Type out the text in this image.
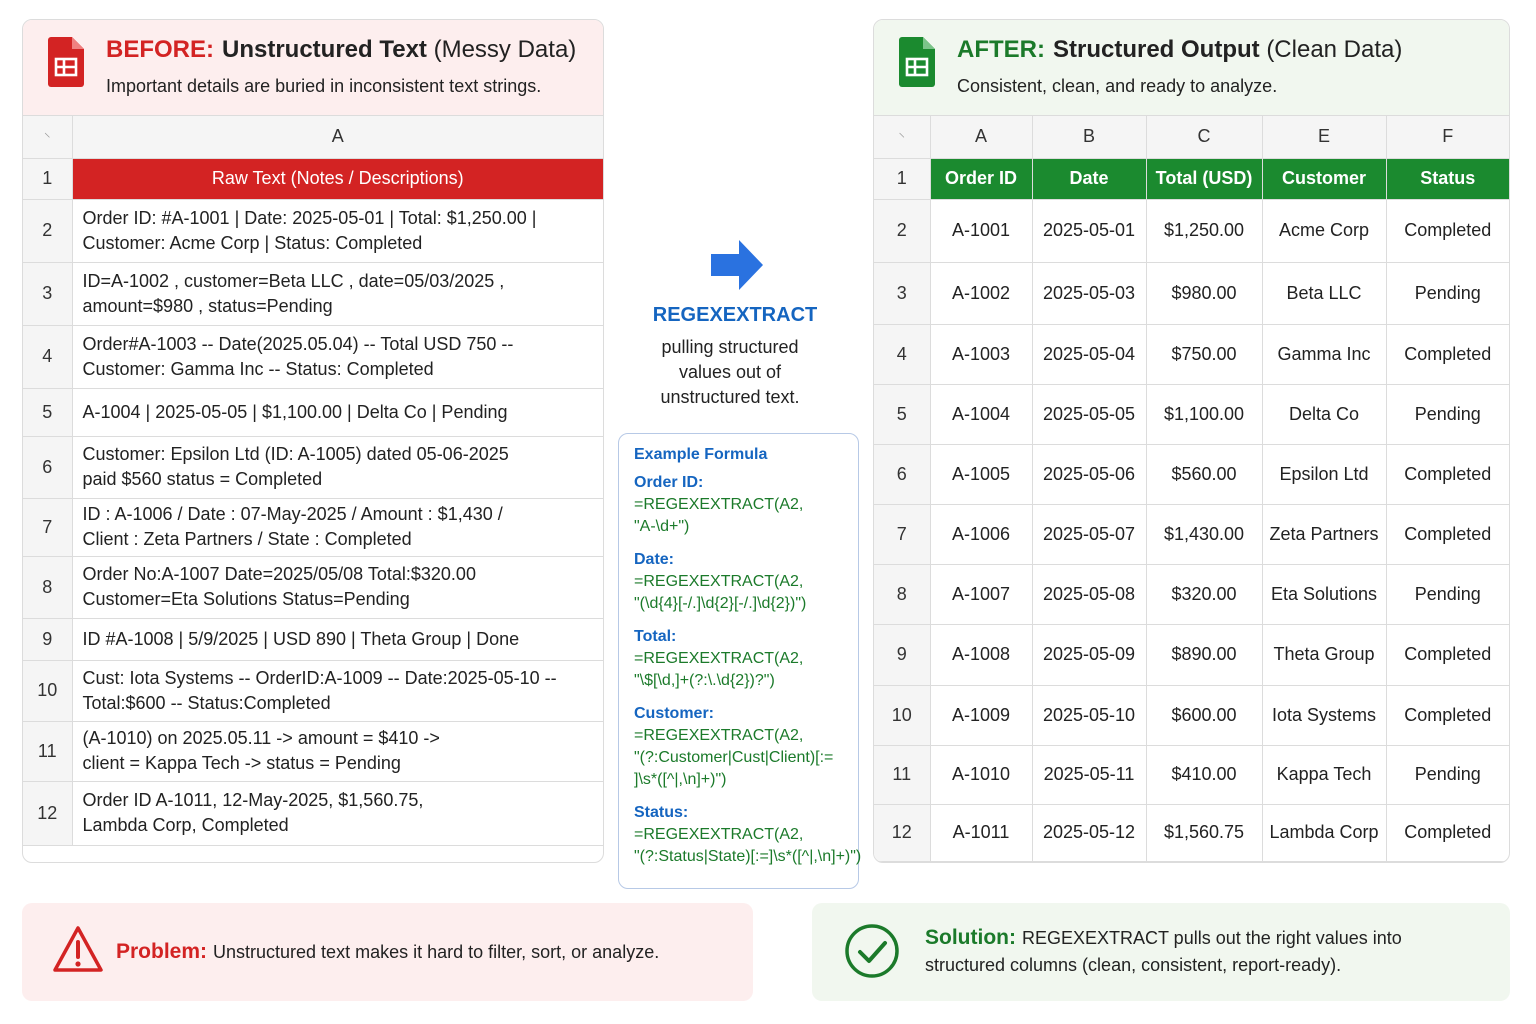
BEFORE: Unstructured Text (Messy Data)
Important details are buried in inconsistent text strings.
⸌	A
1	Raw Text (Notes / Descriptions)
2	Order ID: #A-1001 | Date: 2025-05-01 | Total: $1,250.00 |
Customer: Acme Corp | Status: Completed

3	ID=A-1002 , customer=Beta LLC , date=05/03/2025 ,
amount=$980 , status=Pending

4	Order#A-1003 -- Date(2025.05.04) -- Total USD 750 --
Customer: Gamma Inc -- Status: Completed

5	A-1004 | 2025-05-05 | $1,100.00 | Delta Co | Pending

6	Customer: Epsilon Ltd (ID: A-1005) dated 05-06-2025
paid $560 status = Completed

7	ID : A-1006 / Date : 07-May-2025 / Amount : $1,430 /
Client : Zeta Partners / State : Completed

8	Order No:A-1007 Date=2025/05/08 Total:$320.00
Customer=Eta Solutions Status=Pending

9	ID #A-1008 | 5/9/2025 | USD 890 | Theta Group | Done

10	Cust: Iota Systems -- OrderID:A-1009 -- Date:2025-05-10 --
Total:$600 -- Status:Completed

11	(A-1010) on 2025.05.11 -> amount = $410 ->
client = Kappa Tech -> status = Pending

12	Order ID A-1011, 12-May-2025, $1,560.75,
Lambda Corp, Completed
REGEXEXTRACT
pulling structured
values out of
unstructured text.
Example Formula
Order ID:
=REGEXEXTRACT(A2,
"A-\d+")
Date:
=REGEXEXTRACT(A2,
"(\d{4}[-/.]\d{2}[-/.]\d{2})")
Total:
=REGEXEXTRACT(A2,
"\$[\d,]+(?:\.\d{2})?")
Customer:
=REGEXEXTRACT(A2,
"(?:Customer|Cust|Client)[:=
]\s*([^|,\n]+)")
Status:
=REGEXEXTRACT(A2,
"(?:Status|State)[:=]\s*([^|,\n]+)")
AFTER: Structured Output (Clean Data)
Consistent, clean, and ready to analyze.
⸌	A	B	C	E	F
1	Order ID	Date	Total (USD)	Customer	Status
2	A-1001	2025-05-01	$1,250.00	Acme Corp	Completed
3	A-1002	2025-05-03	$980.00	Beta LLC	Pending
4	A-1003	2025-05-04	$750.00	Gamma Inc	Completed
5	A-1004	2025-05-05	$1,100.00	Delta Co	Pending
6	A-1005	2025-05-06	$560.00	Epsilon Ltd	Completed
7	A-1006	2025-05-07	$1,430.00	Zeta Partners	Completed
8	A-1007	2025-05-08	$320.00	Eta Solutions	Pending
9	A-1008	2025-05-09	$890.00	Theta Group	Completed
10	A-1009	2025-05-10	$600.00	Iota Systems	Completed
11	A-1010	2025-05-11	$410.00	Kappa Tech	Pending
12	A-1011	2025-05-12	$1,560.75	Lambda Corp	Completed
Problem: Unstructured text makes it hard to filter, sort, or analyze.
Solution: REGEXEXTRACT pulls out the right values into
structured columns (clean, consistent, report-ready).
